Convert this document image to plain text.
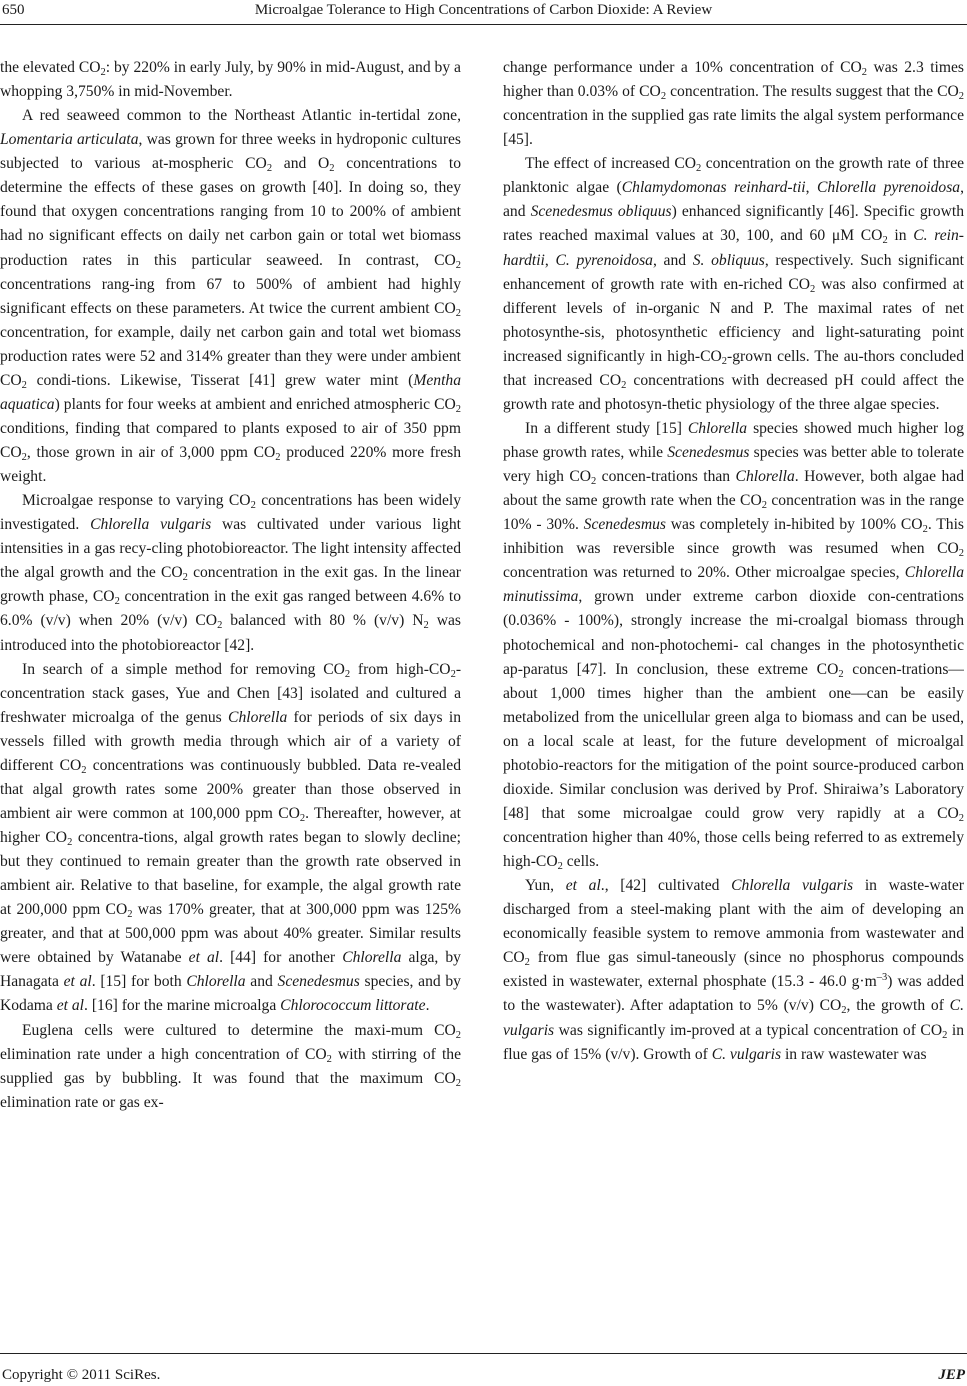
650	Microalgae Tolerance to High Concentrations of Carbon Dioxide: A Review

the elevated $CO_2$: by 220% in early July, by 90% in mid-August, and by a whopping 3,750% in mid-November.

A red seaweed common to the Northeast Atlantic in-tertidal zone, Lomentaria articulata, was grown for three weeks in hydroponic cultures subjected to various at-mospheric $CO_2$ and $O_2$ concentrations to determine the effects of these gases on growth [40]. In doing so, they found that oxygen concentrations ranging from 10 to 200% of ambient had no significant effects on daily net carbon gain or total wet biomass production rates in this particular seaweed. In contrast, $CO_2$ concentrations rang-ing from 67 to 500% of ambient had highly significant effects on these parameters. At twice the current ambient $CO_2$ concentration, for example, daily net carbon gain and total wet biomass production rates were 52 and 314% greater than they were under ambient $CO_2$ condi-tions. Likewise, Tisserat [41] grew water mint (Mentha aquatica) plants for four weeks at ambient and enriched atmospheric $CO_2$ conditions, finding that compared to plants exposed to air of 350 ppm $CO_2$, those grown in air of 3,000 ppm $CO_2$ produced 220% more fresh weight.

Microalgae response to varying $CO_2$ concentrations has been widely investigated. Chlorella vulgaris was cultivated under various light intensities in a gas recy-cling photobioreactor. The light intensity affected the algal growth and the $CO_2$ concentration in the exit gas. In the linear growth phase, $CO_2$ concentration in the exit gas ranged between 4.6% to 6.0% (v/v) when 20% (v/v) $CO_2$ balanced with 80 % (v/v) $N_2$ was introduced into the photobioreactor [42].

In search of a simple method for removing $CO_2$ from high-$CO_2$-concentration stack gases, Yue and Chen [43] isolated and cultured a freshwater microalga of the genus Chlorella for periods of six days in vessels filled with growth media through which air of a variety of different $CO_2$ concentrations was continuously bubbled. Data re-vealed that algal growth rates some 200% greater than those observed in ambient air were common at 100,000 ppm $CO_2$. Thereafter, however, at higher $CO_2$ concentra-tions, algal growth rates began to slowly decline; but they continued to remain greater than the growth rate observed in ambient air. Relative to that baseline, for example, the algal growth rate at 200,000 ppm $CO_2$ was 170% greater, that at 300,000 ppm was 125% greater, and that at 500,000 ppm was about 40% greater. Similar results were obtained by Watanabe et al. [44] for another Chlorella alga, by Hanagata et al. [15] for both Chlorella and Scenedesmus species, and by Kodama et al. [16] for the marine microalga Chlorococcum littorate.

Euglena cells were cultured to determine the maxi-mum $CO_2$ elimination rate under a high concentration of $CO_2$ with stirring of the supplied gas by bubbling. It was found that the maximum $CO_2$ elimination rate or gas ex-

change performance under a 10% concentration of $CO_2$ was 2.3 times higher than 0.03% of $CO_2$ concentration. The results suggest that the $CO_2$ concentration in the supplied gas rate limits the algal system performance [45].

The effect of increased $CO_2$ concentration on the growth rate of three planktonic algae (Chlamydomonas reinhard-tii, Chlorella pyrenoidosa, and Scenedesmus obliquus) enhanced significantly [46]. Specific growth rates reached maximal values at 30, 100, and 60 μM $CO_2$ in C. rein-hardtii, C. pyrenoidosa, and S. obliquus, respectively. Such significant enhancement of growth rate with en-riched $CO_2$ was also confirmed at different levels of in-organic N and P. The maximal rates of net photosynthe-sis, photosynthetic efficiency and light-saturating point increased significantly in high-$CO_2$-grown cells. The au-thors concluded that increased $CO_2$ concentrations with decreased pH could affect the growth rate and photosyn-thetic physiology of the three algae species.

In a different study [15] Chlorella species showed much higher log phase growth rates, while Scenedesmus species was better able to tolerate very high $CO_2$ concen-trations than Chlorella. However, both algae had about the same growth rate when the $CO_2$ concentration was in the range 10% - 30%. Scenedesmus was completely in-hibited by 100% $CO_2$. This inhibition was reversible since growth was resumed when $CO_2$ concentration was returned to 20%. Other microalgae species, Chlorella minutissima, grown under extreme carbon dioxide con-centrations (0.036% - 100%), strongly increase the mi-croalgal biomass through photochemical and non-photochemi- cal changes in the photosynthetic ap-paratus [47]. In conclusion, these extreme $CO_2$ concen-trations—about 1,000 times higher than the ambient one—can be easily metabolized from the unicellular green alga to biomass and can be used, on a local scale at least, for the future development of microalgal photobio-reactors for the mitigation of the point source-produced carbon dioxide. Similar conclusion was derived by Prof. Shiraiwa’s Laboratory [48] that some microalgae could grow very rapidly at a $CO_2$ concentration higher than 40%, those cells being referred to as extremely high-$CO_2$ cells.

Yun, et al., [42] cultivated Chlorella vulgaris in waste-water discharged from a steel-making plant with the aim of developing an economically feasible system to remove ammonia from wastewater and $CO_2$ from flue gas simul-taneously (since no phosphorus compounds existed in wastewater, external phosphate (15.3 - 46.0 $g\cdot m^{-3}$) was added to the wastewater). After adaptation to 5% (v/v) $CO_2$, the growth of C. vulgaris was significantly im-proved at a typical concentration of $CO_2$ in flue gas of 15% (v/v). Growth of C. vulgaris in raw wastewater was

Copyright © 2011 SciRes.	JEP
